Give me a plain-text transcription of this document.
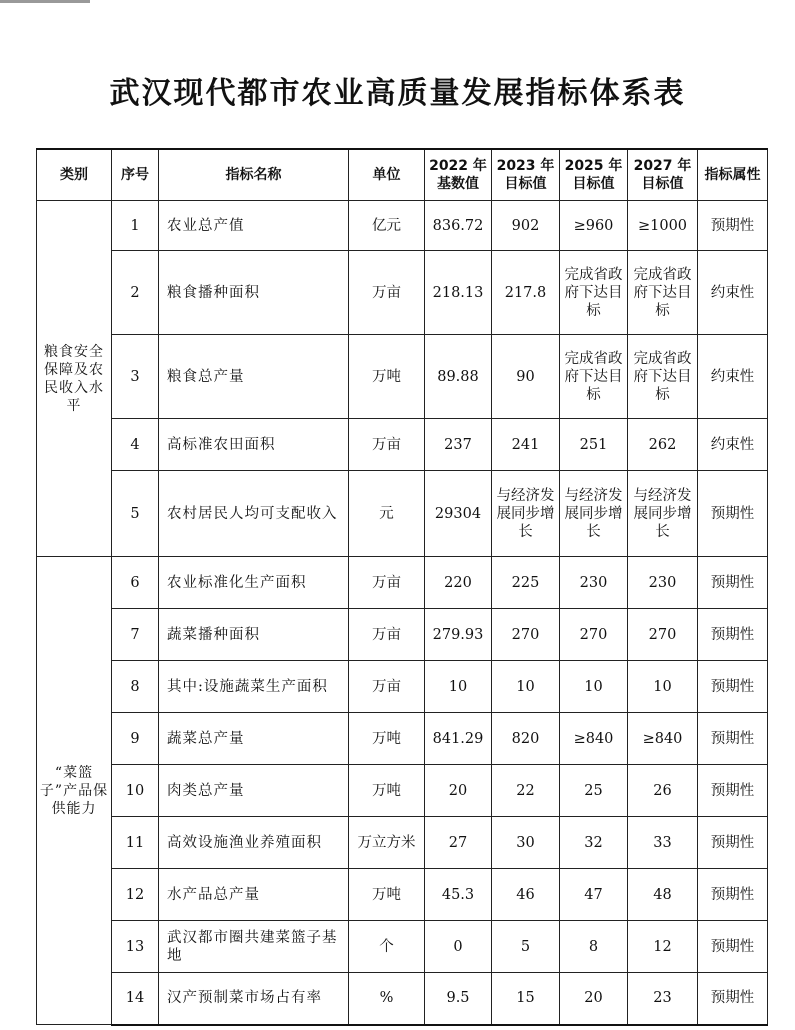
武汉现代都市农业高质量发展指标体系表
类别	序号	指标名称	单位	2022 年基数值	2023 年目标值	2025 年目标值	2027 年目标值	指标属性
粮食安全保障及农民收入水平	1	农业总产值	亿元	836.72	902	≥960	≥1000	预期性
	2	粮食播种面积	万亩	218.13	217.8	完成省政府下达目标	完成省政府下达目标	约束性
	3	粮食总产量	万吨	89.88	90	完成省政府下达目标	完成省政府下达目标	约束性
	4	高标准农田面积	万亩	237	241	251	262	约束性
	5	农村居民人均可支配收入	元	29304	与经济发展同步增长	与经济发展同步增长	与经济发展同步增长	预期性
“菜篮子”产品保供能力	6	农业标准化生产面积	万亩	220	225	230	230	预期性
	7	蔬菜播种面积	万亩	279.93	270	270	270	预期性
	8	其中:设施蔬菜生产面积	万亩	10	10	10	10	预期性
	9	蔬菜总产量	万吨	841.29	820	≥840	≥840	预期性
	10	肉类总产量	万吨	20	22	25	26	预期性
	11	高效设施渔业养殖面积	万立方米	27	30	32	33	预期性
	12	水产品总产量	万吨	45.3	46	47	48	预期性
	13	武汉都市圈共建菜篮子基地	个	0	5	8	12	预期性
	14	汉产预制菜市场占有率	%	9.5	15	20	23	预期性
